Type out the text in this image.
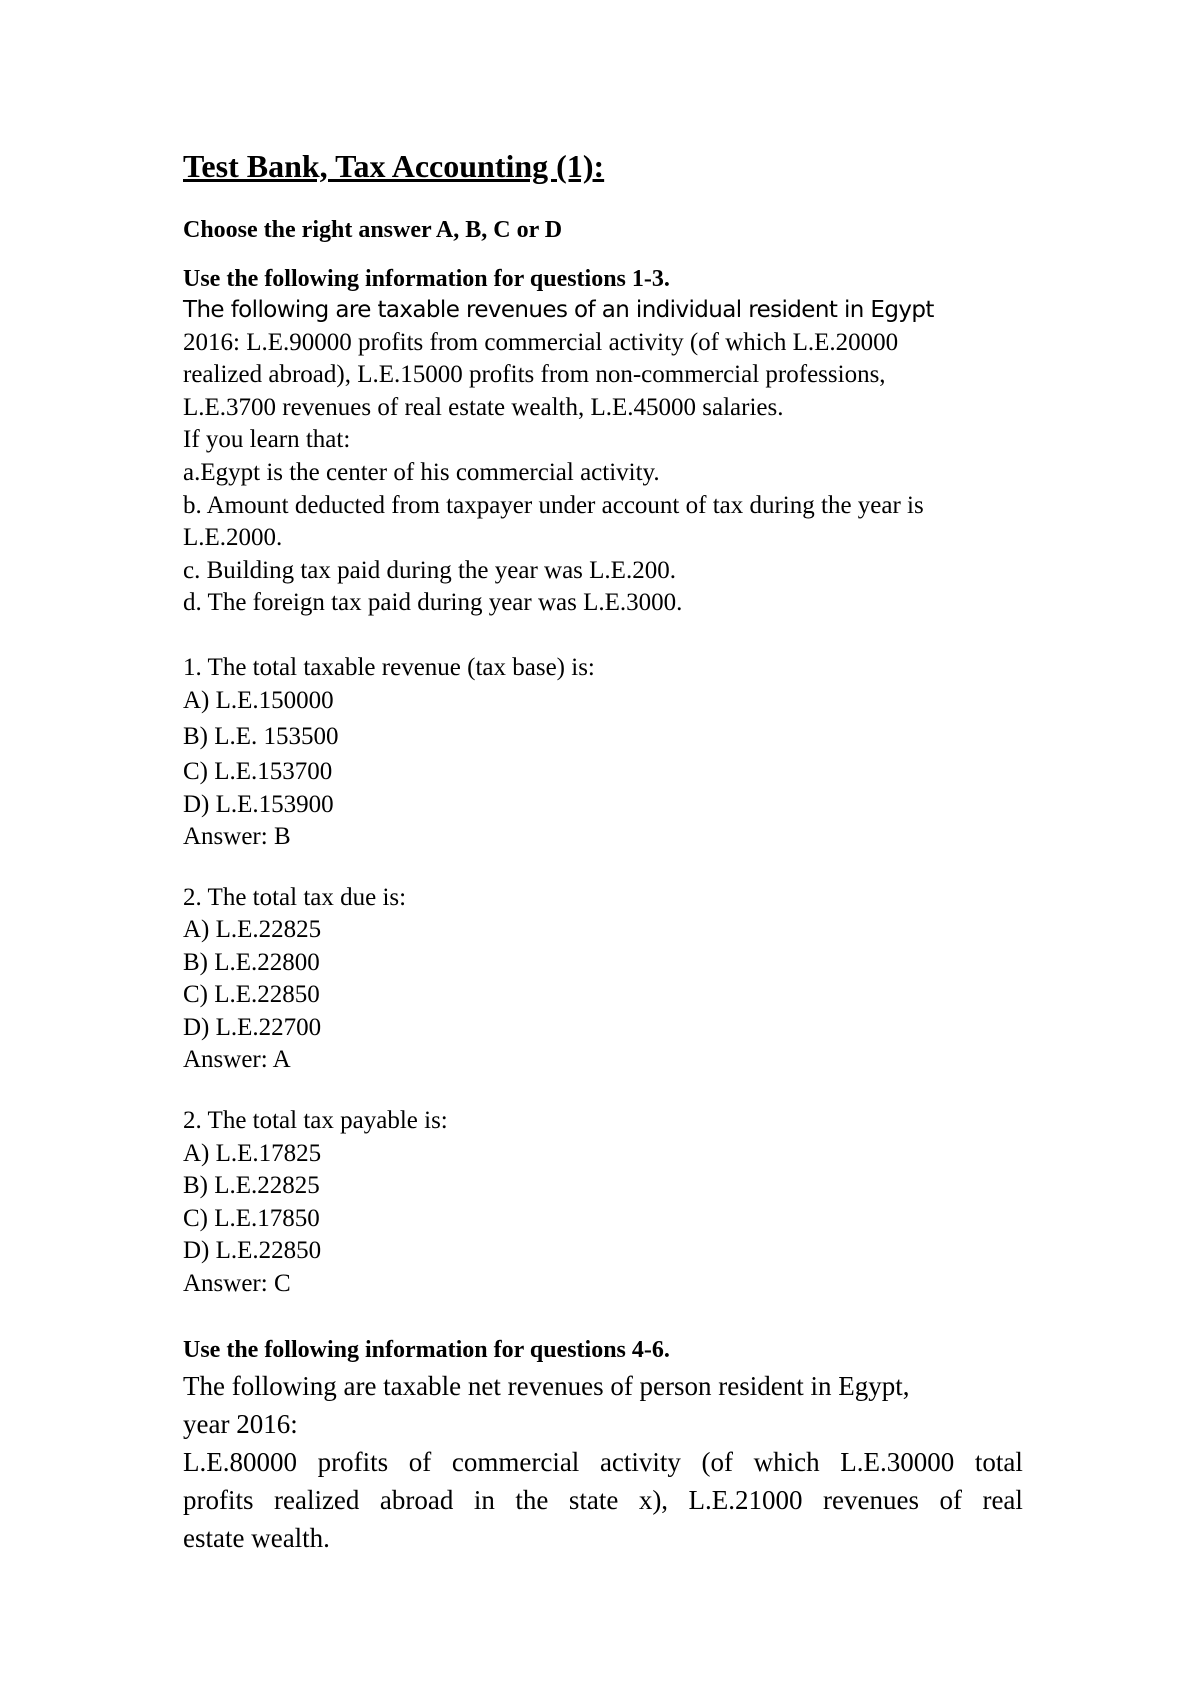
Test Bank, Tax Accounting (1):
Choose the right answer A, B, C or D
Use the following information for questions 1-3.
The following are taxable revenues of an individual resident in Egypt
2016: L.E.90000 profits from commercial activity (of which L.E.20000
realized abroad), L.E.15000 profits from non-commercial professions,
L.E.3700 revenues of real estate wealth, L.E.45000 salaries.
If you learn that:
a.Egypt is the center of his commercial activity.
b. Amount deducted from taxpayer under account of tax during the year is
L.E.2000.
c. Building tax paid during the year was L.E.200.
d. The foreign tax paid during year was L.E.3000.
1. The total taxable revenue (tax base) is:
A) L.E.150000
B) L.E. 153500
C) L.E.153700
D) L.E.153900
Answer: B
2. The total tax due is:
A) L.E.22825
B) L.E.22800
C) L.E.22850
D) L.E.22700
Answer: A
2. The total tax payable is:
A) L.E.17825
B) L.E.22825
C) L.E.17850
D) L.E.22850
Answer: C
Use the following information for questions 4-6.
The following are taxable net revenues of person resident in Egypt,
year 2016:
L.E.80000 profits of commercial activity (of which L.E.30000 total
profits realized abroad in the state x), L.E.21000 revenues of real
estate wealth.
